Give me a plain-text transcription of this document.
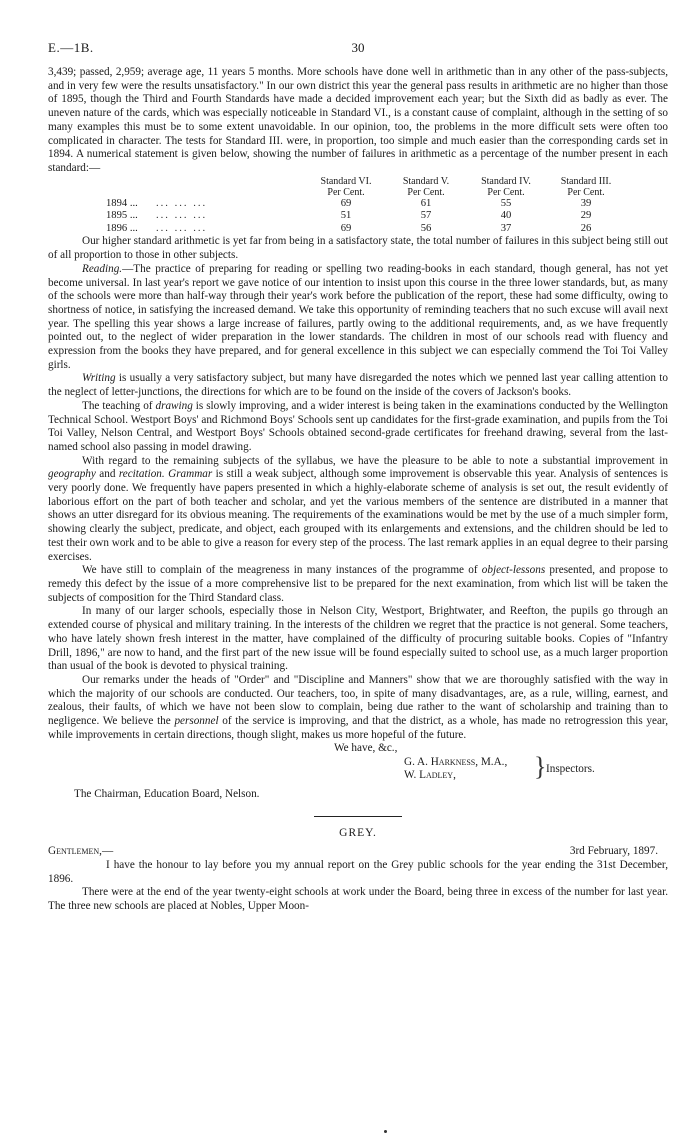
E.—1B.	30

3,439; passed, 2,959; average age, 11 years 5 months. More schools have done well in arithmetic than in any other of the pass-subjects, and in very few were the results unsatisfactory." In our own district this year the general pass results in arithmetic are no higher than those of 1895, though the Third and Fourth Standards have made a decided improvement each year; but the Sixth did as badly as ever. The uneven nature of the cards, which was especially noticeable in Standard VI., is a constant cause of complaint, although in the setting of so many examples this must be to some extent unavoidable. In our opinion, too, the problems in the more difficult sets were often too complicated in character. The tests for Standard III. were, in proportion, too simple and much easier than the corresponding cards set in 1894. A numerical statement is given below, showing the number of failures in arithmetic as a percentage of the number present in each standard:—

		Standard VI.	Standard V.	Standard IV.	Standard III.
		Per Cent.	Per Cent.	Per Cent.	Per Cent.
1894 ...	... ... ...	69	61	55	39
1895 ...	... ... ...	51	57	40	29
1896 ...	... ... ...	69	56	37	26

Our higher standard arithmetic is yet far from being in a satisfactory state, the total number of failures in this subject being still out of all proportion to those in other subjects.

Reading.—The practice of preparing for reading or spelling two reading-books in each standard, though general, has not yet become universal. In last year's report we gave notice of our intention to insist upon this course in the three lower standards, but, as many of the schools were more than half-way through their year's work before the publication of the report, these had some difficulty, owing to shortness of notice, in satisfying the increased demand. We take this opportunity of reminding teachers that no such excuse will avail next year. The spelling this year shows a large increase of failures, partly owing to the additional requirements, and, as we have frequently pointed out, to the neglect of wider preparation in the lower standards. The children in most of our schools read with fluency and expression from the books they have prepared, and for general excellence in this subject we can especially commend the Toi Toi Valley girls.

Writing is usually a very satisfactory subject, but many have disregarded the notes which we penned last year calling attention to the neglect of letter-junctions, the directions for which are to be found on the inside of the covers of Jackson's books.

The teaching of drawing is slowly improving, and a wider interest is being taken in the examinations conducted by the Wellington Technical School. Westport Boys' and Richmond Boys' Schools sent up candidates for the first-grade examination, and pupils from the Toi Toi Valley, Nelson Central, and Westport Boys' Schools obtained second-grade certificates for freehand drawing, several from the last-named school also passing in model drawing.

With regard to the remaining subjects of the syllabus, we have the pleasure to be able to note a substantial improvement in geography and recitation. Grammar is still a weak subject, although some improvement is observable this year. Analysis of sentences is very poorly done. We frequently have papers presented in which a highly-elaborate scheme of analysis is set out, the result evidently of laborious effort on the part of both teacher and scholar, and yet the various members of the sentence are distributed in a manner that shows an utter disregard for its obvious meaning. The requirements of the examinations would be met by the use of a much simpler form, showing clearly the subject, predicate, and object, each grouped with its enlargements and extensions, and the children should be led to test their own work and to be able to give a reason for every step of the process. The last remark applies in an equal degree to their parsing exercises.

We have still to complain of the meagreness in many instances of the programme of object-lessons presented, and propose to remedy this defect by the issue of a more comprehensive list to be prepared for the next examination, from which list will be taken the subjects of composition for the Third Standard class.

In many of our larger schools, especially those in Nelson City, Westport, Brightwater, and Reefton, the pupils go through an extended course of physical and military training. In the interests of the children we regret that the practice is not general. Some teachers, who have lately shown fresh interest in the matter, have complained of the difficulty of procuring suitable books. Copies of "Infantry Drill, 1896," are now to hand, and the first part of the new issue will be found especially suited to school use, as a much larger proportion than usual of the book is devoted to physical training.

Our remarks under the heads of "Order" and "Discipline and Manners" show that we are thoroughly satisfied with the way in which the majority of our schools are conducted. Our teachers, too, in spite of many disadvantages, are, as a rule, willing, earnest, and zealous, their faults, of which we have not been slow to complain, being due rather to the want of scholarship and training than to negligence. We believe the personnel of the service is improving, and that the district, as a whole, has made no retrogression this year, while improvements in certain directions, though slight, makes us more hopeful of the future.

We have, &c.,
G. A. Harkness, M.A.,
W. Ladley,	} Inspectors.
The Chairman, Education Board, Nelson.
GREY.
Gentlemen,—	3rd February, 1897.

I have the honour to lay before you my annual report on the Grey public schools for the year ending the 31st December, 1896.

There were at the end of the year twenty-eight schools at work under the Board, being three in excess of the number for last year. The three new schools are placed at Nobles, Upper Moon-
